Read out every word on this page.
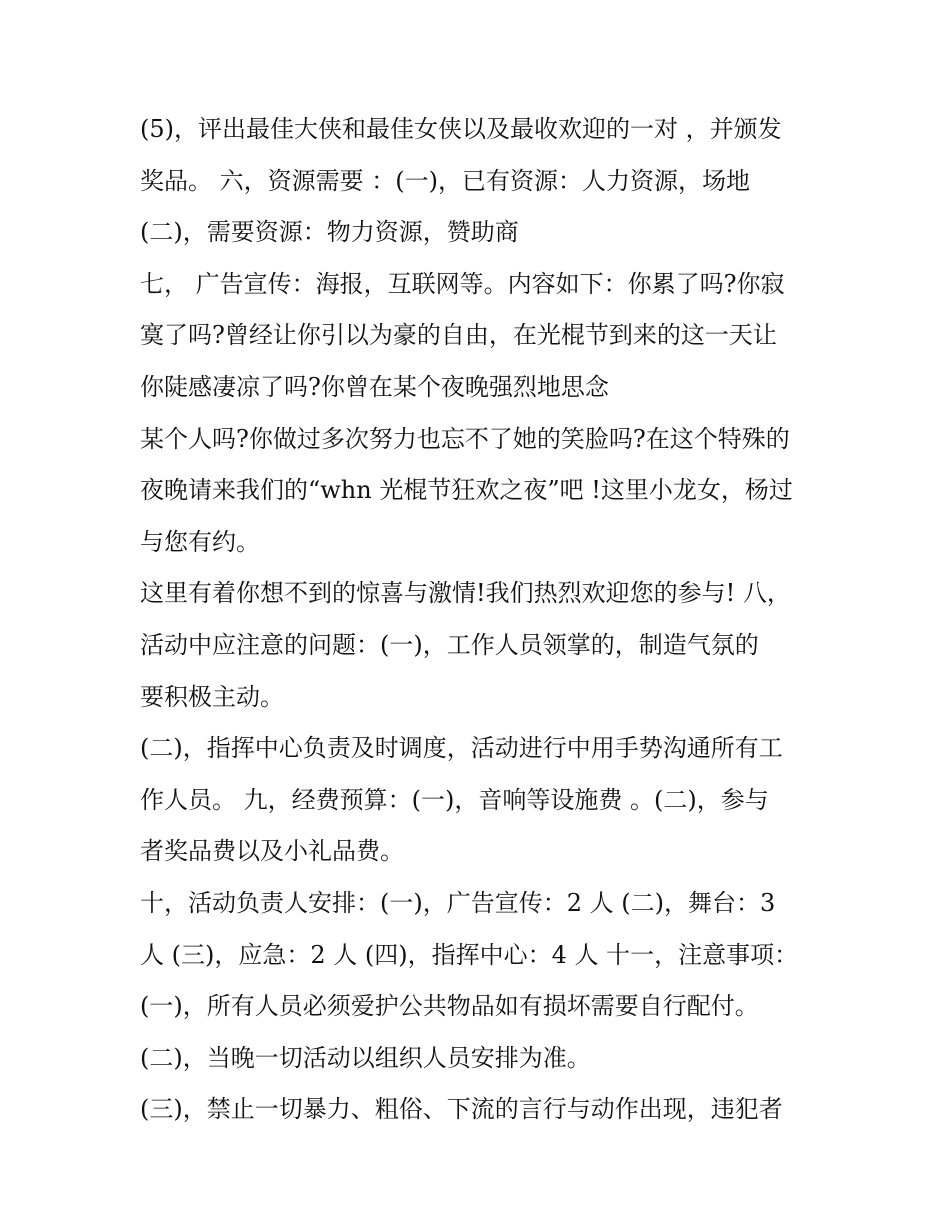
(5)，评出最佳大侠和最佳女侠以及最收欢迎的一对 ，并颁发
奖品。 六，资源需要 ：(一)，已有资源：人力资源，场地
(二)，需要资源：物力资源，赞助商
七， 广告宣传：海报，互联网等。内容如下：你累了吗?你寂
寞了吗?曾经让你引以为豪的自由，在光棍节到来的这一天让
你陡感凄凉了吗?你曾在某个夜晚强烈地思念
某个人吗?你做过多次努力也忘不了她的笑脸吗?在这个特殊的
夜晚请来我们的“whn 光棍节狂欢之夜”吧 !这里小龙女，杨过
与您有约。
这里有着你想不到的惊喜与激情!我们热烈欢迎您的参与! 八，
活动中应注意的问题：(一)，工作人员领掌的，制造气氛的
要积极主动。
(二)，指挥中心负责及时调度，活动进行中用手势沟通所有工
作人员。 九，经费预算：(一)，音响等设施费 。(二)，参与
者奖品费以及小礼品费。
十，活动负责人安排：(一)，广告宣传：2 人 (二)，舞台：3
人 (三)，应急：2 人 (四)，指挥中心：4 人 十一，注意事项：
(一)，所有人员必须爱护公共物品如有损坏需要自行配付。
(二)，当晚一切活动以组织人员安排为准。
(三)，禁止一切暴力、粗俗、下流的言行与动作出现，违犯者
